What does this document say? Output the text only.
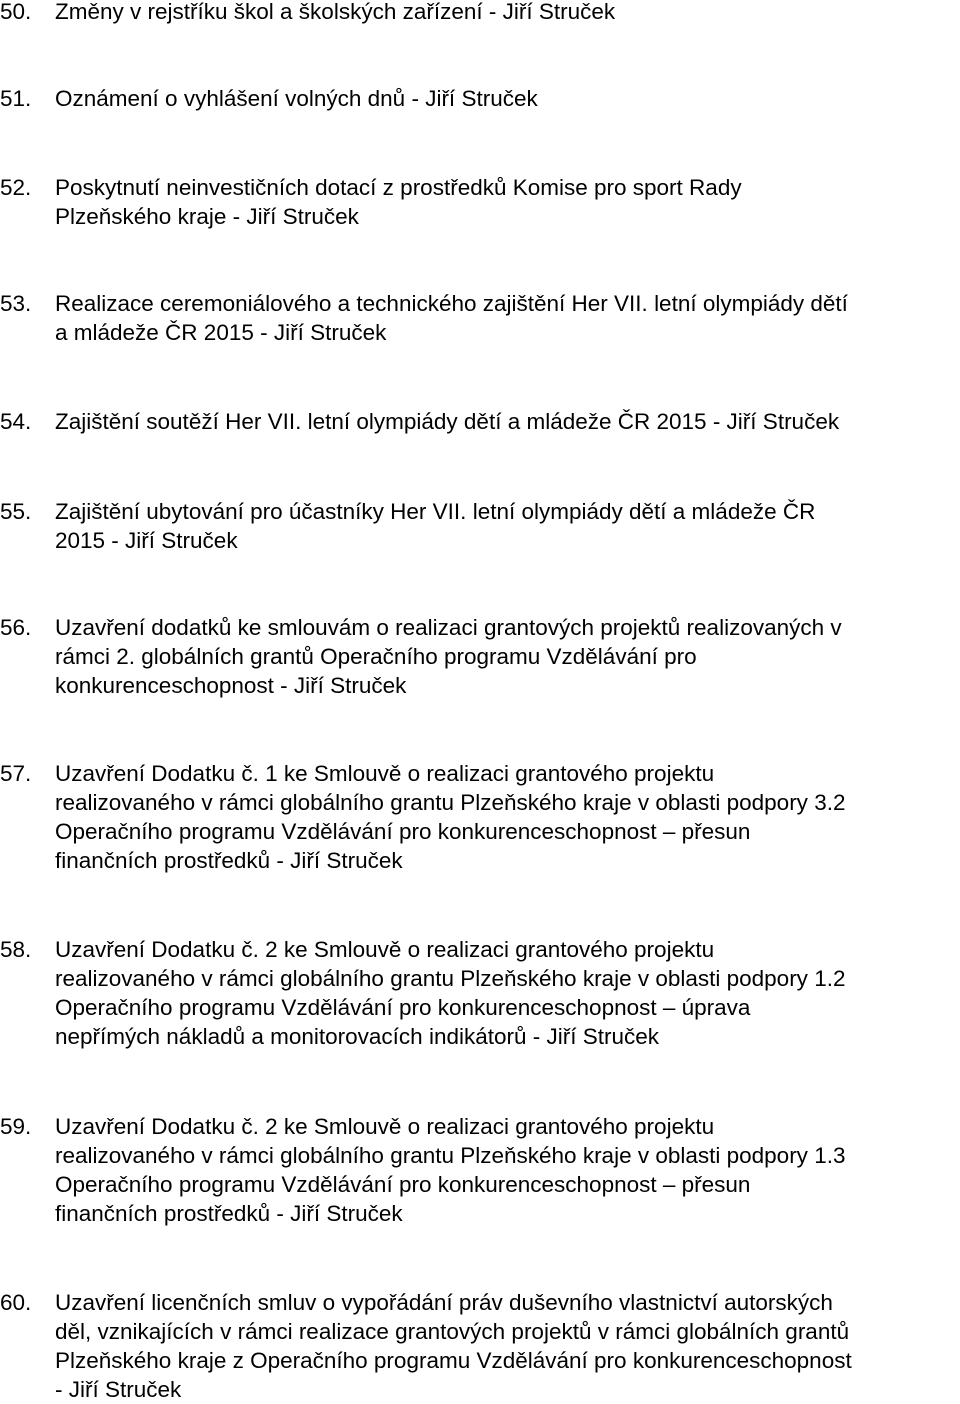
50.	Změny v rejstříku škol a školských zařízení - Jiří Struček
51.	Oznámení o vyhlášení volných dnů - Jiří Struček
52.	Poskytnutí neinvestičních dotací z prostředků Komise pro sport Rady
Plzeňského kraje - Jiří Struček
53.	Realizace ceremoniálového a technického zajištění Her VII. letní olympiády dětí
a mládeže ČR 2015 - Jiří Struček
54.	Zajištění soutěží Her VII. letní olympiády dětí a mládeže ČR 2015 - Jiří Struček
55.	Zajištění ubytování pro účastníky Her VII. letní olympiády dětí a mládeže ČR
2015 - Jiří Struček
56.	Uzavření dodatků ke smlouvám o realizaci grantových projektů realizovaných v
rámci 2. globálních grantů Operačního programu Vzdělávání pro
konkurenceschopnost - Jiří Struček
57.	Uzavření Dodatku č. 1 ke Smlouvě o realizaci grantového projektu
realizovaného v rámci globálního grantu Plzeňského kraje v oblasti podpory 3.2
Operačního programu Vzdělávání pro konkurenceschopnost – přesun
finančních prostředků - Jiří Struček
58.	Uzavření Dodatku č. 2 ke Smlouvě o realizaci grantového projektu
realizovaného v rámci globálního grantu Plzeňského kraje v oblasti podpory 1.2
Operačního programu Vzdělávání pro konkurenceschopnost – úprava
nepřímých nákladů a monitorovacích indikátorů - Jiří Struček
59.	Uzavření Dodatku č. 2 ke Smlouvě o realizaci grantového projektu
realizovaného v rámci globálního grantu Plzeňského kraje v oblasti podpory 1.3
Operačního programu Vzdělávání pro konkurenceschopnost – přesun
finančních prostředků - Jiří Struček
60.	Uzavření licenčních smluv o vypořádání práv duševního vlastnictví autorských
děl, vznikajících v rámci realizace grantových projektů v rámci globálních grantů
Plzeňského kraje z Operačního programu Vzdělávání pro konkurenceschopnost
- Jiří Struček
